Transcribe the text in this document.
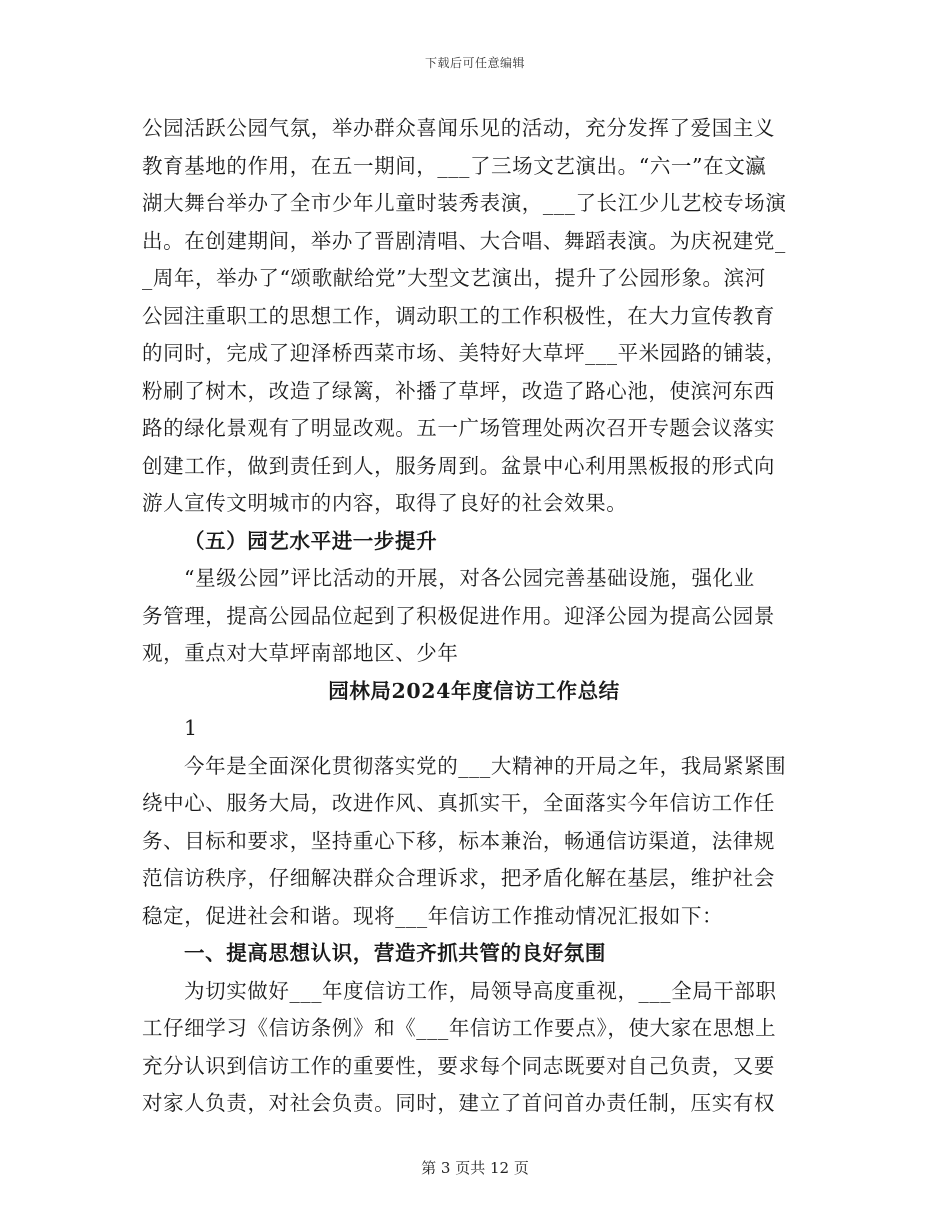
下载后可任意编辑
公园活跃公园气氛，举办群众喜闻乐见的活动，充分发挥了爱国主义
教育基地的作用，在五一期间，___了三场文艺演出。“六一”在文瀛
湖大舞台举办了全市少年儿童时装秀表演，___了长江少儿艺校专场演
出。在创建期间，举办了晋剧清唱、大合唱、舞蹈表演。为庆祝建党_
_周年，举办了“颂歌献给党”大型文艺演出，提升了公园形象。滨河
公园注重职工的思想工作，调动职工的工作积极性，在大力宣传教育
的同时，完成了迎泽桥西菜市场、美特好大草坪___平米园路的铺装，
粉刷了树木，改造了绿篱，补播了草坪，改造了路心池，使滨河东西
路的绿化景观有了明显改观。五一广场管理处两次召开专题会议落实
创建工作，做到责任到人，服务周到。盆景中心利用黑板报的形式向
游人宣传文明城市的内容，取得了良好的社会效果。
（五）园艺水平进一步提升
“星级公园”评比活动的开展，对各公园完善基础设施，强化业
务管理，提高公园品位起到了积极促进作用。迎泽公园为提高公园景
观，重点对大草坪南部地区、少年
园林局2024年度信访工作总结
1
今年是全面深化贯彻落实党的___大精神的开局之年，我局紧紧围
绕中心、服务大局，改进作风、真抓实干，全面落实今年信访工作任
务、目标和要求，坚持重心下移，标本兼治，畅通信访渠道，法律规
范信访秩序，仔细解决群众合理诉求，把矛盾化解在基层，维护社会
稳定，促进社会和谐。现将___年信访工作推动情况汇报如下：
一、提高思想认识，营造齐抓共管的良好氛围
为切实做好___年度信访工作，局领导高度重视，___全局干部职
工仔细学习《信访条例》和《___年信访工作要点》，使大家在思想上
充分认识到信访工作的重要性，要求每个同志既要对自己负责，又要
对家人负责，对社会负责。同时，建立了首问首办责任制，压实有权
第 3 页共 12 页
